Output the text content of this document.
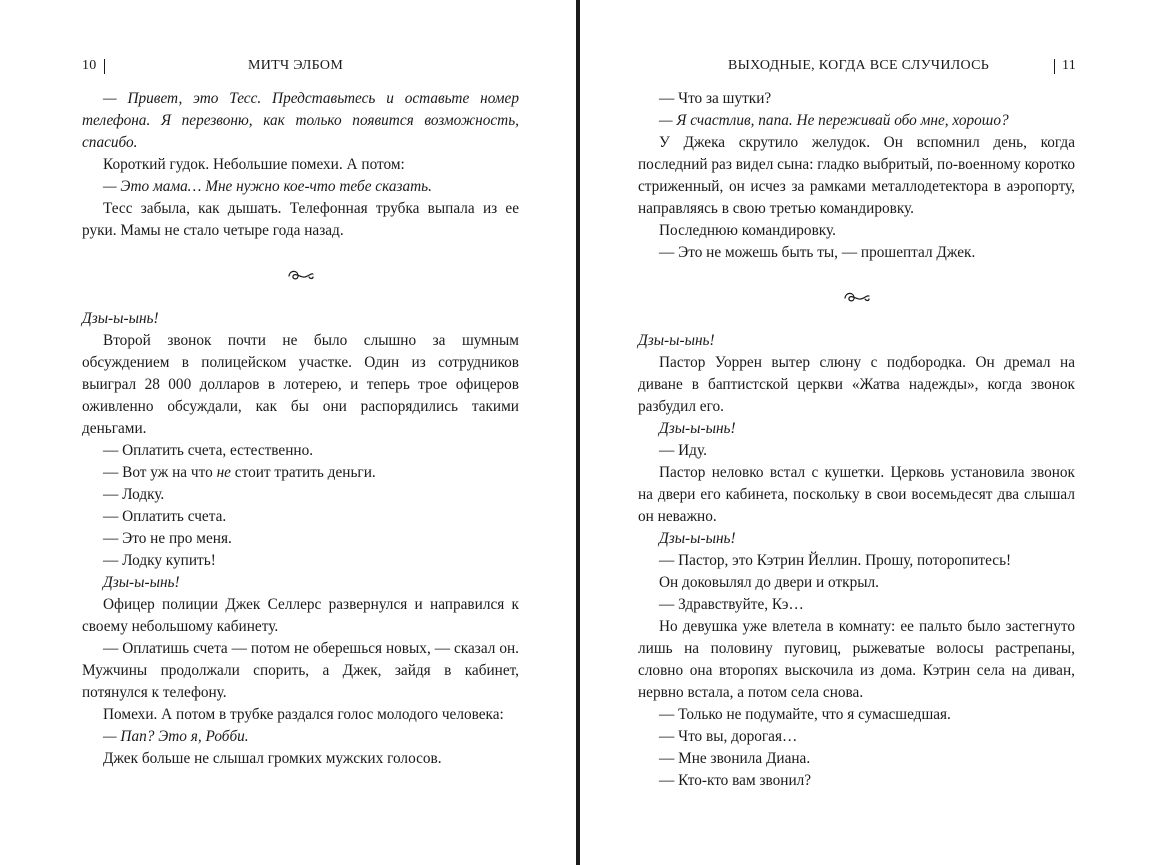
10	МИТЧ ЭЛБОМ

— Привет, это Тесс. Представьтесь и оставьте номер телефона. Я перезвоню, как только появится возможность, спасибо.

Короткий гудок. Небольшие помехи. А потом:

— Это мама… Мне нужно кое-что тебе сказать.

Тесс забыла, как дышать. Телефонная трубка выпала из ее руки. Мамы не стало четыре года назад.

Дзы-ы-ынь!

Второй звонок почти не было слышно за шумным обсуждением в полицейском участке. Один из сотрудников выиграл 28 000 долларов в лотерею, и теперь трое офицеров оживленно обсуждали, как бы они распорядились такими деньгами.

— Оплатить счета, естественно.

— Вот уж на что не стоит тратить деньги.

— Лодку.

— Оплатить счета.

— Это не про меня.

— Лодку купить!

Дзы-ы-ынь!

Офицер полиции Джек Селлерс развернулся и направился к своему небольшому кабинету.

— Оплатишь счета — потом не оберешься новых, — сказал он. Мужчины продолжали спорить, а Джек, зайдя в кабинет, потянулся к телефону.

Помехи. А потом в трубке раздался голос молодого человека:

— Пап? Это я, Робби.

Джек больше не слышал громких мужских голосов.

ВЫХОДНЫЕ, КОГДА ВСЕ СЛУЧИЛОСЬ	11

— Что за шутки?

— Я счастлив, папа. Не переживай обо мне, хорошо?

У Джека скрутило желудок. Он вспомнил день, когда последний раз видел сына: гладко выбритый, по-военному коротко стриженный, он исчез за рамками металлодетектора в аэропорту, направляясь в свою третью командировку.

Последнюю командировку.

— Это не можешь быть ты, — прошептал Джек.

Дзы-ы-ынь!

Пастор Уоррен вытер слюну с подбородка. Он дремал на диване в баптистской церкви «Жатва надежды», когда звонок разбудил его.

Дзы-ы-ынь!

— Иду.

Пастор неловко встал с кушетки. Церковь установила звонок на двери его кабинета, поскольку в свои восемьдесят два слышал он неважно.

Дзы-ы-ынь!

— Пастор, это Кэтрин Йеллин. Прошу, поторопитесь!

Он доковылял до двери и открыл.

— Здравствуйте, Кэ…

Но девушка уже влетела в комнату: ее пальто было застегнуто лишь на половину пуговиц, рыжеватые волосы растрепаны, словно она второпях выскочила из дома. Кэтрин села на диван, нервно встала, а потом села снова.

— Только не подумайте, что я сумасшедшая.

— Что вы, дорогая…

— Мне звонила Диана.

— Кто-кто вам звонил?
